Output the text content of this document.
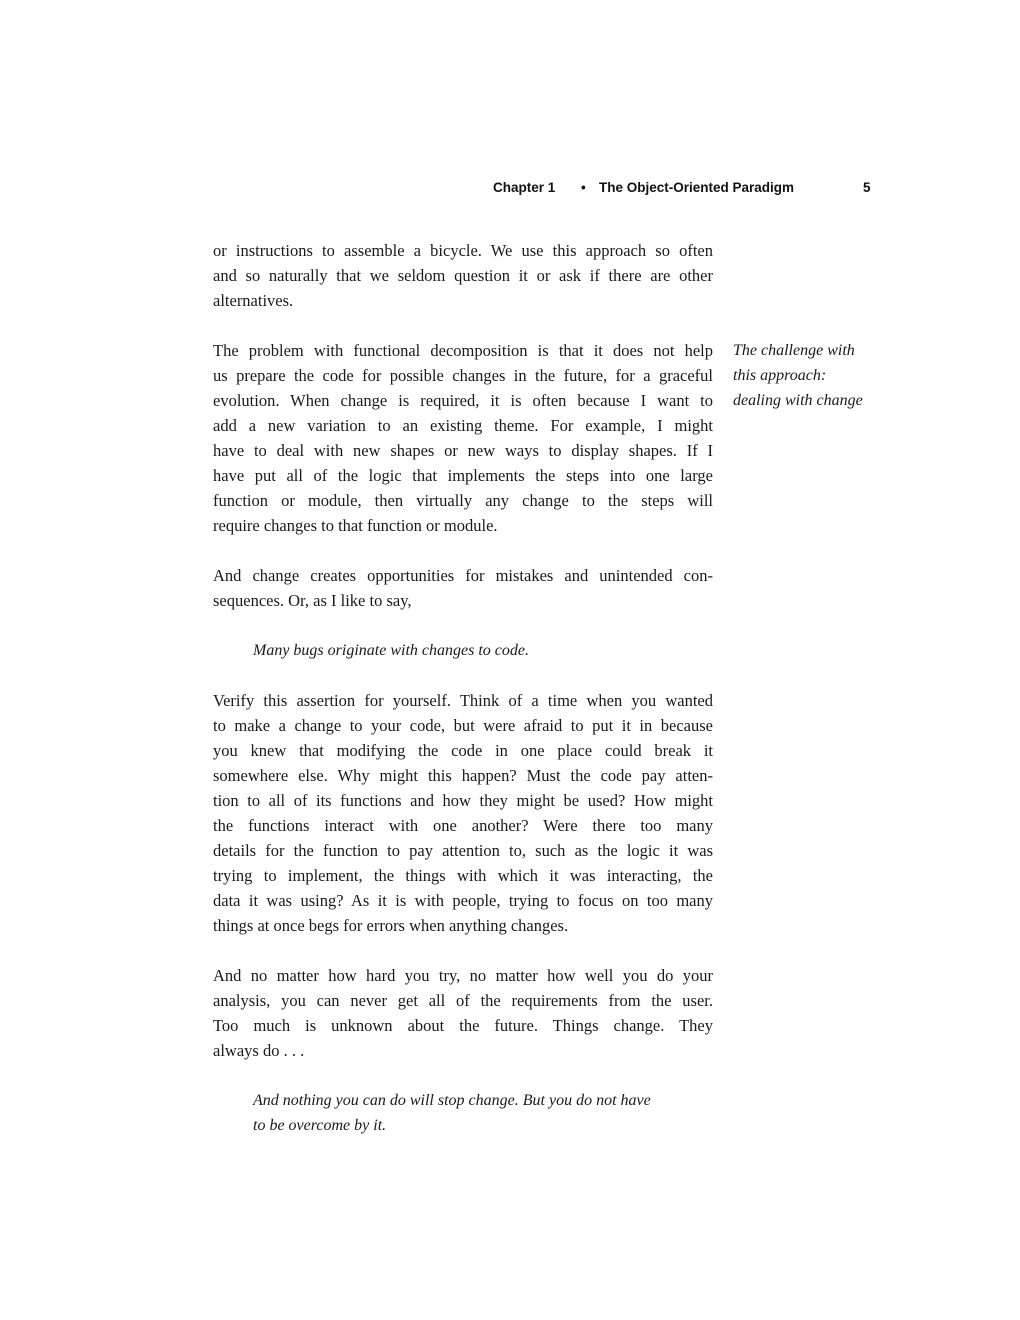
Chapter 1 • The Object-Oriented Paradigm	5
or instructions to assemble a bicycle. We use this approach so often
and so naturally that we seldom question it or ask if there are other
alternatives.
The problem with functional decomposition is that it does not help
us prepare the code for possible changes in the future, for a graceful
evolution. When change is required, it is often because I want to
add a new variation to an existing theme. For example, I might
have to deal with new shapes or new ways to display shapes. If I
have put all of the logic that implements the steps into one large
function or module, then virtually any change to the steps will
require changes to that function or module.
The challenge with
this approach:
dealing with change
And change creates opportunities for mistakes and unintended con-
sequences. Or, as I like to say,
Many bugs originate with changes to code.
Verify this assertion for yourself. Think of a time when you wanted
to make a change to your code, but were afraid to put it in because
you knew that modifying the code in one place could break it
somewhere else. Why might this happen? Must the code pay atten-
tion to all of its functions and how they might be used? How might
the functions interact with one another? Were there too many
details for the function to pay attention to, such as the logic it was
trying to implement, the things with which it was interacting, the
data it was using? As it is with people, trying to focus on too many
things at once begs for errors when anything changes.
And no matter how hard you try, no matter how well you do your
analysis, you can never get all of the requirements from the user.
Too much is unknown about the future. Things change. They
always do . . .
And nothing you can do will stop change. But you do not have
to be overcome by it.
